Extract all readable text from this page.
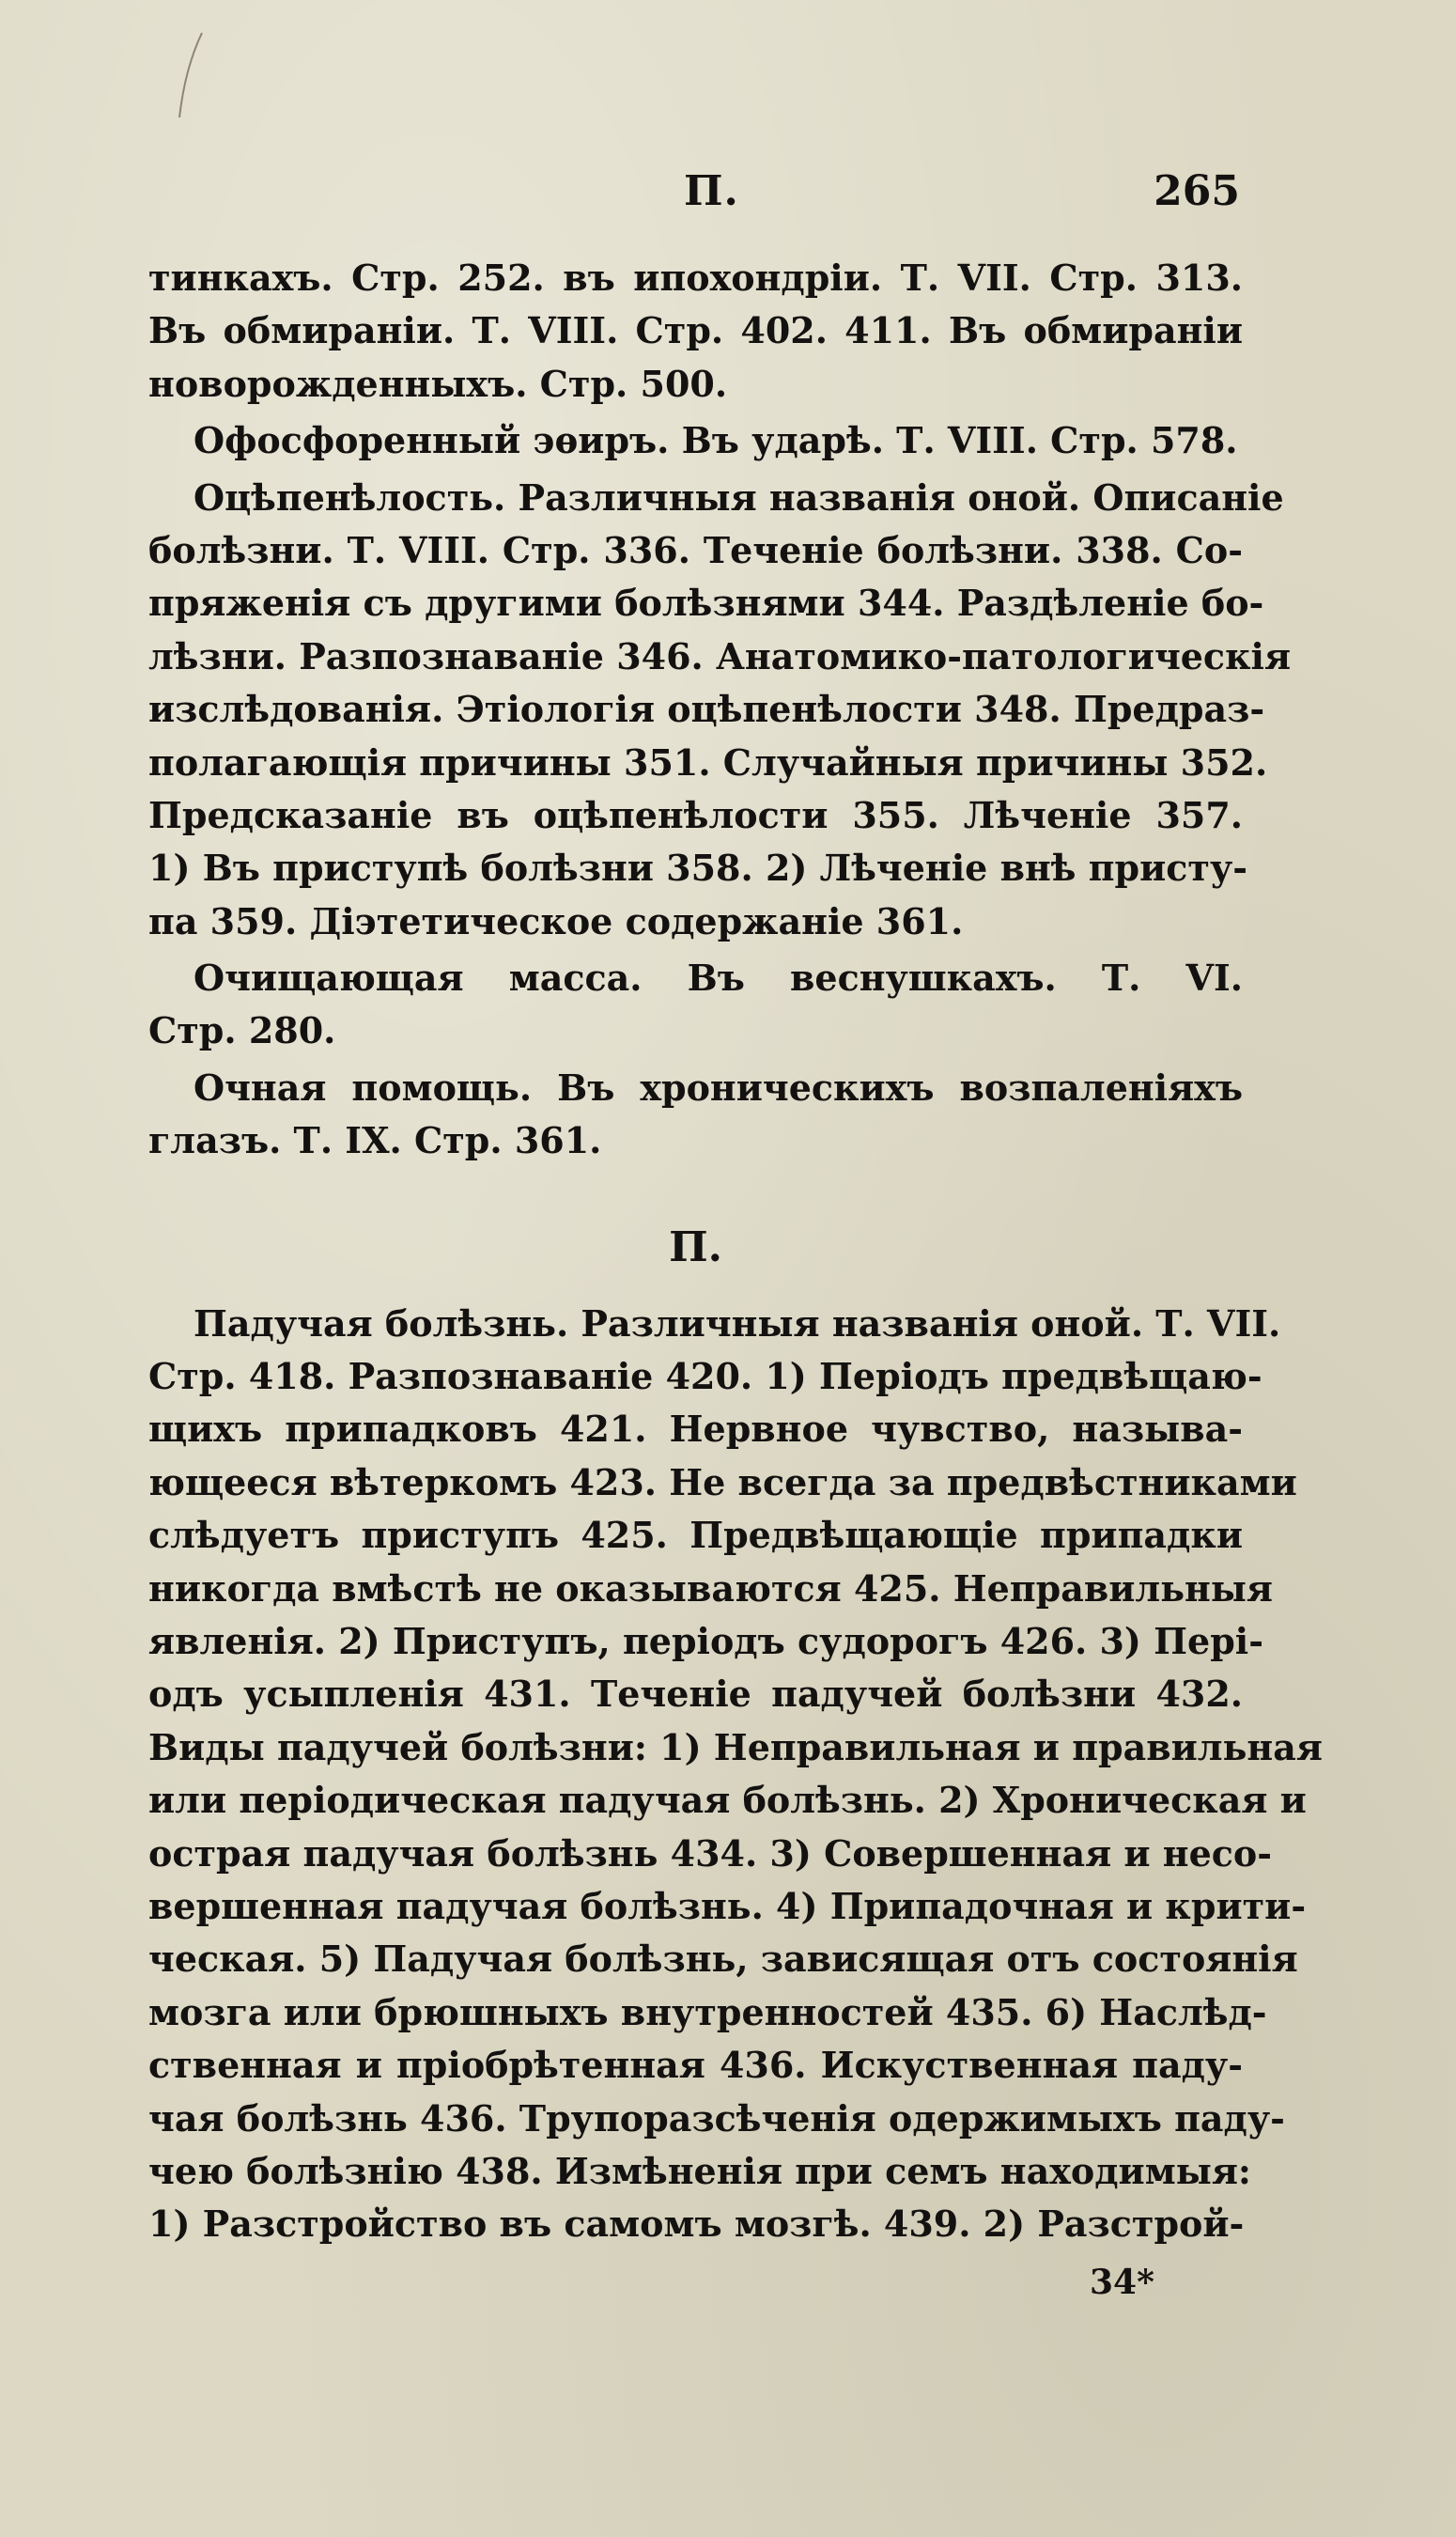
П.	265
тинкахъ. Стр. 252. въ ипохондріи. Т. VII. Стр. 313.
Въ обмираніи. Т. VIII. Стр. 402. 411. Въ обмираніи
новорожденныхъ. Стр. 500.
Офосфоренный эѳиръ. Въ ударѣ. Т. VIII. Стр. 578.
Оцѣпенѣлость. Различныя названія оной. Описаніе
болѣзни. Т. VIII. Стр. 336. Теченіе болѣзни. 338. Со-
пряженія съ другими болѣзнями 344. Раздѣленіе бо-
лѣзни. Разпознаваніе 346. Анатомико-патологическія
изслѣдованія. Этіологія оцѣпенѣлости 348. Предраз-
полагающія причины 351. Случайныя причины 352.
Предсказаніе въ оцѣпенѣлости 355. Лѣченіе 357.
1) Въ приступѣ болѣзни 358. 2) Лѣченіе внѣ присту-
па 359. Діэтетическое содержаніе 361.
Очищающая масса. Въ веснушкахъ. Т. VI.
Стр. 280.
Очная помощь. Въ хроническихъ возпаленіяхъ
глазъ. Т. IX. Стр. 361.
П.
Падучая болѣзнь. Различныя названія оной. Т. VII.
Стр. 418. Разпознаваніе 420. 1) Періодъ предвѣщаю-
щихъ припадковъ 421. Нервное чувство, называ-
ющееся вѣтеркомъ 423. Не всегда за предвѣстниками
слѣдуетъ приступъ 425. Предвѣщающіе припадки
никогда вмѣстѣ не оказываются 425. Неправильныя
явленія. 2) Приступъ, періодъ судорогъ 426. 3) Пері-
одъ усыпленія 431. Теченіе падучей болѣзни 432.
Виды падучей болѣзни: 1) Неправильная и правильная
или періодическая падучая болѣзнь. 2) Хроническая и
острая падучая болѣзнь 434. 3) Совершенная и несо-
вершенная падучая болѣзнь. 4) Припадочная и крити-
ческая. 5) Падучая болѣзнь, зависящая отъ состоянія
мозга или брюшныхъ внутренностей 435. 6) Наслѣд-
ственная и пріобрѣтенная 436. Искуственная паду-
чая болѣзнь 436. Трупоразсѣченія одержимыхъ паду-
чею болѣзнію 438. Измѣненія при семъ находимыя:
1) Разстройство въ самомъ мозгѣ. 439. 2) Разстрой-
34*
